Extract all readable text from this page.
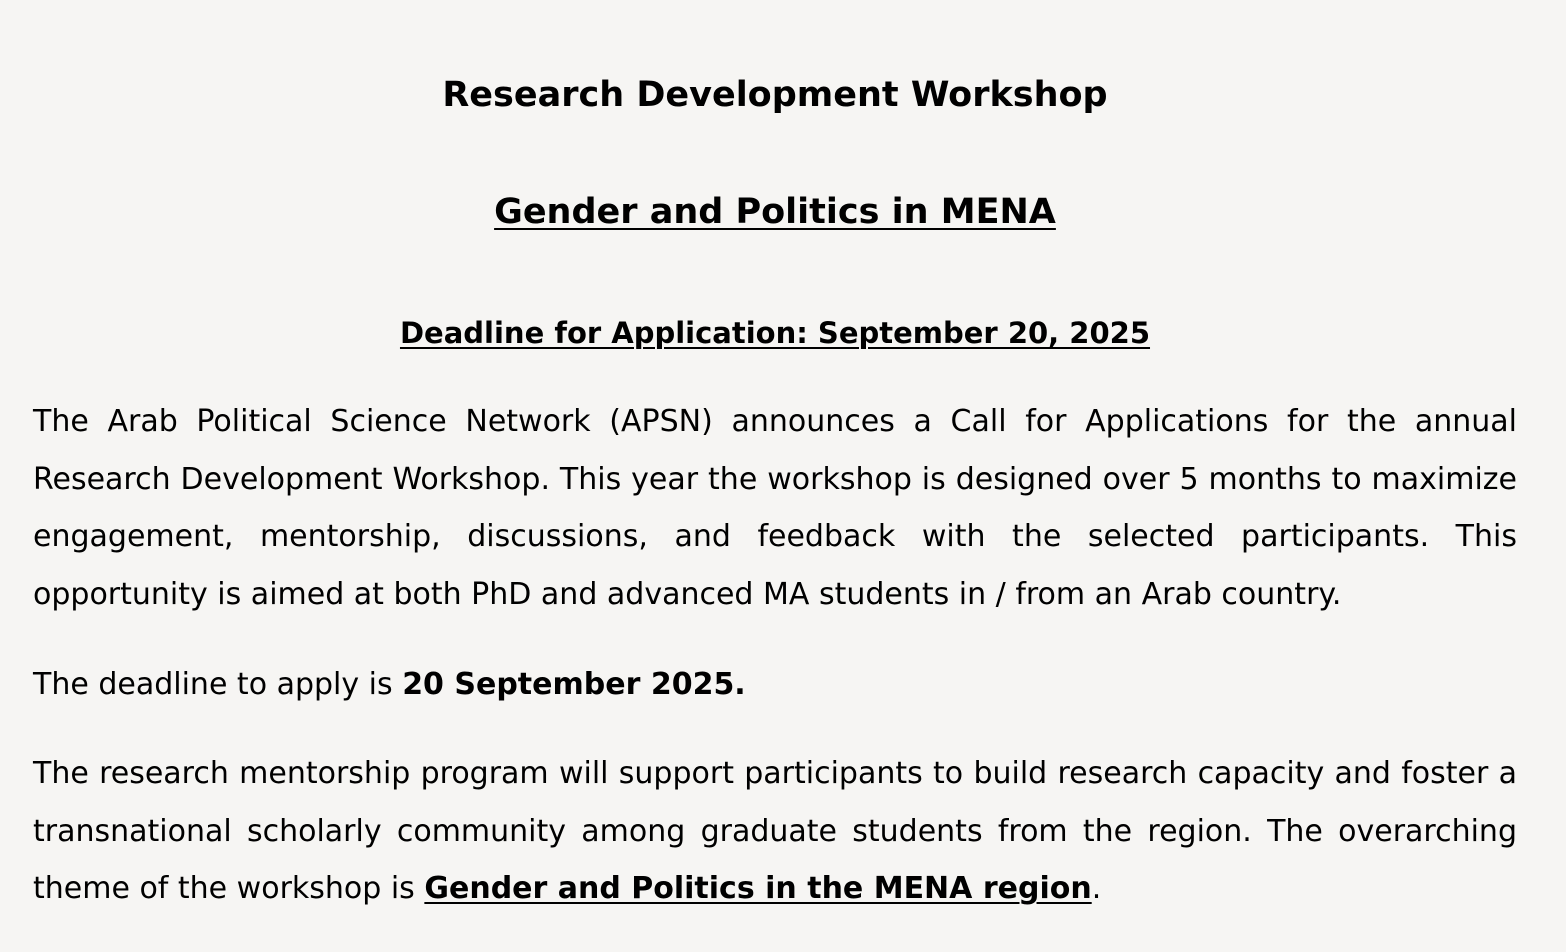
Research Development Workshop
Gender and Politics in MENA
Deadline for Application: September 20, 2025

The Arab Political Science Network (APSN) announces a Call for Applications for the annual Research Development Workshop. This year the workshop is designed over 5 months to maximize engagement, mentorship, discussions, and feedback with the selected participants. This opportunity is aimed at both PhD and advanced MA students in / from an Arab country.

The deadline to apply is 20 September 2025.

The research mentorship program will support participants to build research capacity and foster a transnational scholarly community among graduate students from the region. The overarching theme of the workshop is Gender and Politics in the MENA region.
